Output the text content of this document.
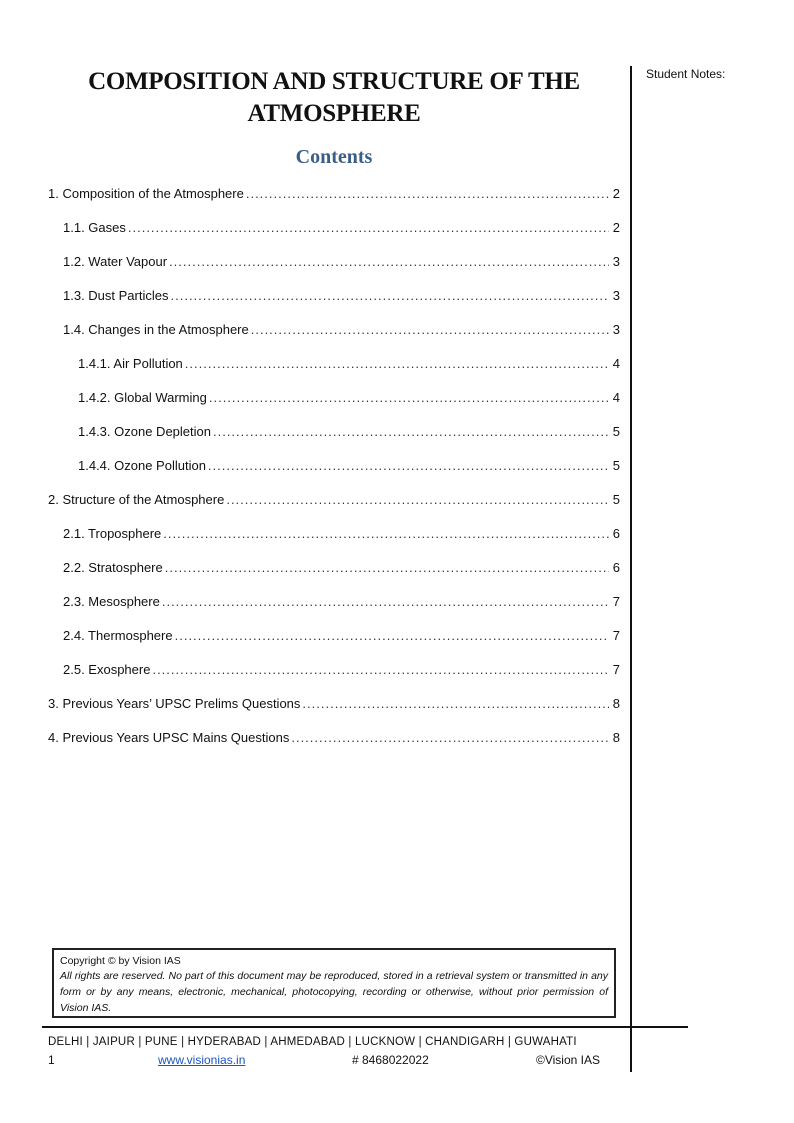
COMPOSITION AND STRUCTURE OF THE
ATMOSPHERE
Contents
1. Composition of the Atmosphere .....	2
1.1. Gases .....	2
1.2. Water Vapour .....	3
1.3. Dust Particles .....	3
1.4. Changes in the Atmosphere .....	3
1.4.1. Air Pollution .....	4
1.4.2. Global Warming .....	4
1.4.3. Ozone Depletion .....	5
1.4.4. Ozone Pollution .....	5
2. Structure of the Atmosphere .....	5
2.1. Troposphere .....	6
2.2. Stratosphere .....	6
2.3. Mesosphere .....	7
2.4. Thermosphere .....	7
2.5. Exosphere .....	7
3. Previous Years’ UPSC Prelims Questions .....	8
4. Previous Years UPSC Mains Questions .....	8
Student Notes:
Copyright © by Vision IAS
All rights are reserved. No part of this document may be reproduced, stored in a retrieval system or transmitted in any form or by any means, electronic, mechanical, photocopying, recording or otherwise, without prior permission of Vision IAS.
DELHI | JAIPUR | PUNE | HYDERABAD | AHMEDABAD | LUCKNOW | CHANDIGARH | GUWAHATI
1	www.visionias.in	# 8468022022	©Vision IAS
